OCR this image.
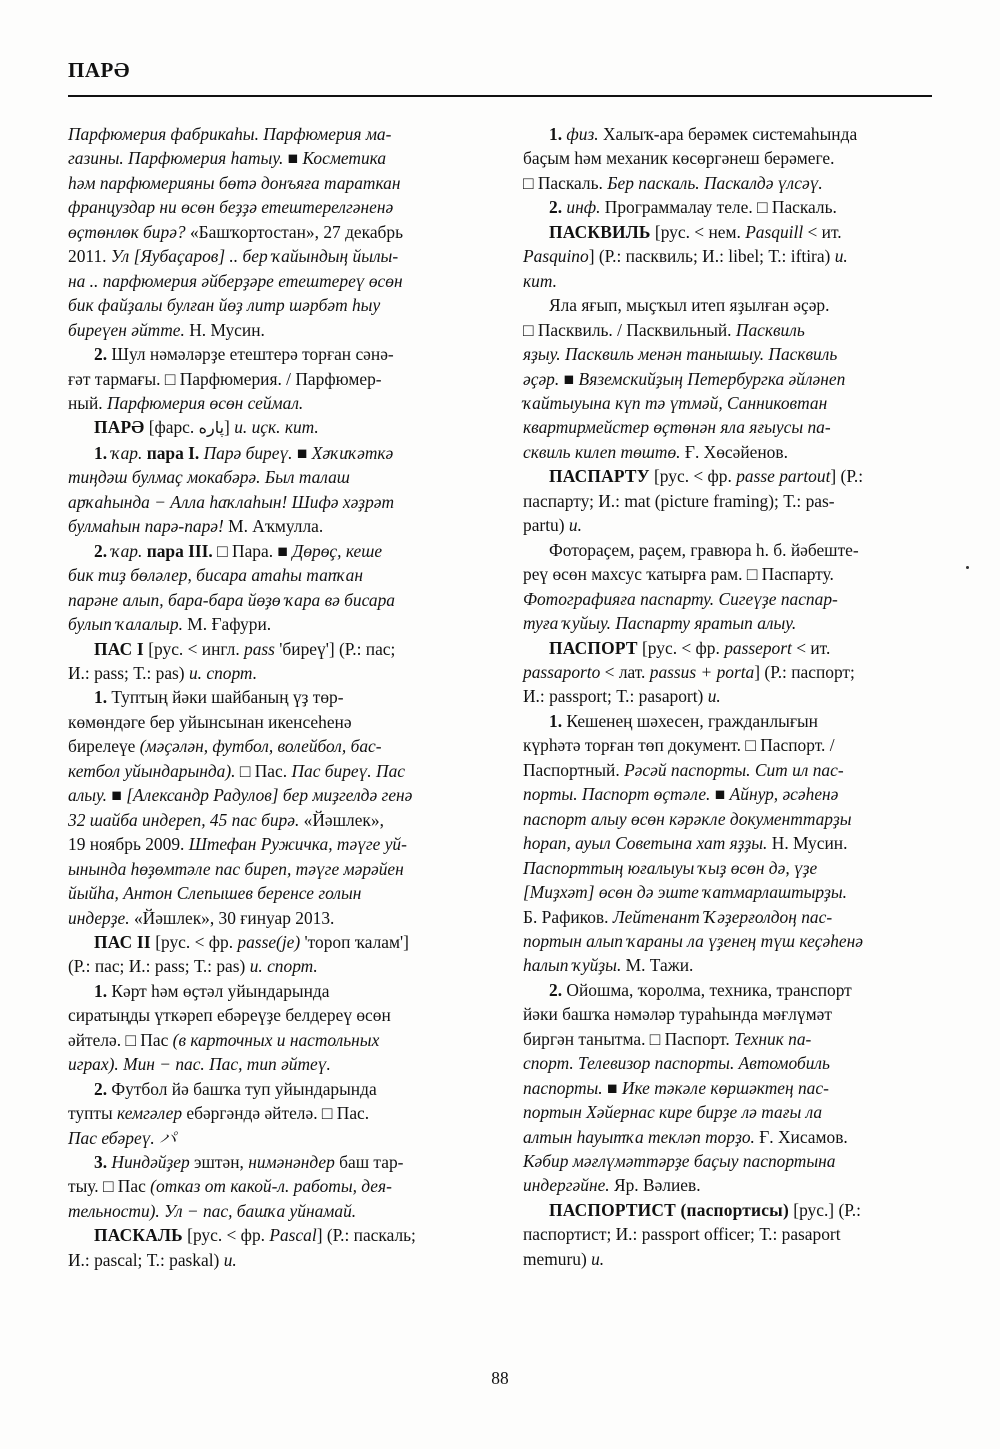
ПАРӘ

Парфюмерия фабрикаһы. Парфюмерия ма-
газины. Парфюмерия һатыу. ■ Косметика
һәм парфюмерияны бөтә донъяға тараткан
француздар ни өсөн беҙҙә етештерелгәненә
өҫтөнлөк бирә? «Башҡортостан», 27 декабрь
2011. Ул [Яубаҫаров] .. бер ҡайындың йылы-
на .. парфюмерия әйберҙәре етештереү өсөн
бик файҙалы булған йөҙ литр шәрбәт һыу
биреүен әйтте. Н. Мусин.

2. Шул нәмәләрҙе етештерә торған сәнә-
ғәт тармағы. □ Парфюмерия. / Парфюмер-
ный. Парфюмерия өсөн сеймал.

ПАРӘ [фарс. پاره] и. иҫк. кит.

1. ҡар. пара I. Парә биреү. ■ Хәҡиҡәткә
тиңдәш булмаҫ мокабәрә. Был талаш
арҡаһында − Алла һаҡлаһын! Шифә хәҙрәт
булмаһын парә-парә! М. Аҡмулла.

2. ҡар. пара III. □ Пара. ■ Дөрөҫ, кеше
бик тиҙ бөләлер, бисара атаһы тапҡан
парәне алып, бара-бара йөҙө ҡара вә бисара
булып ҡалалыр. М. Ғафури.

ПАС I [рус. < ингл. pass 'биреү'] (Р.: пас;
И.: pass; Т.: pas) и. спорт.

1. Туптың йәки шайбаның үҙ төр-
көмөндәге бер уйынсынан икенсеһенә
бирелеүе (мәҫәлән, футбол, волейбол, бас-
кетбол уйындарында). □ Пас. Пас биреү. Пас
алыу. ■ [Александр Радулов] бер миҙгелдә генә
32 шайба индереп, 45 пас бирә. «Йәшлек»,
19 ноябрь 2009. Штефан Ружичка, тәүге уй-
ынында һөҙөмтәле пас биреп, тәүге мәрәйен
йыйһа, Антон Слепышев беренсе голын
индерҙе. «Йәшлек», 30 ғинуар 2013.

ПАС II [рус. < фр. passe(je) 'тороп ҡалам']
(Р.: пас; И.: pass; Т.: pas) и. спорт.

1. Кәрт һәм өҫтәл уйындарында
сиратыңды үткәреп ебәреүҙе белдереү өсөн
әйтелә. □ Пас (в карточных и настольных
играх). Мин − пас. Пас, тип әйтеү.

2. Футбол йә башҡа туп уйындарында
тупты кемгәлер ебәргәндә әйтелә. □ Пас.
Пас ебәреү. パ

3. Ниндәйҙер эштән, нимәнәндер баш тар-
тыу. □ Пас (отказ от какой-л. работы, дея-
тельности). Ул − пас, башҡа уйнамай.

ПАСКАЛЬ [рус. < фр. Pascal] (Р.: паскаль;
И.: pascal; Т.: paskal) и.

1. физ. Халыҡ-ара берәмек системаһында
баҫым һәм механик көсөргәнеш берәмеге.
□ Паскаль. Бер паскаль. Паскалдә үлсәү.

2. инф. Программалау теле. □ Паскаль.

ПАСКВИЛЬ [рус. < нем. Pasquill < ит.
Pasquino] (Р.: пасквиль; И.: libel; Т.: iftira) и.
кит.

Яла яғып, мыҫҡыл итеп яҙылған әҫәр.
□ Пасквиль. / Пасквильный. Пасквиль
яҙыу. Пасквиль менән танышыу. Пасквиль
әҫәр. ■ Вяземскийҙың Петербургка әйләнеп
ҡайтыуына күп тә үтмәй, Санниковтан
квартирмейстер өҫтөнән яла яғыусы па-
сквиль килеп төштө. Ғ. Хөсәйенов.

ПАСПАРТУ [рус. < фр. passe partout] (Р.:
паспарту; И.: mat (picture framing); Т.: pas-
partu) и.

Фотораҫем, раҫем, гравюра һ. б. йәбеште-
реү өсөн махсус ҡатырға рам. □ Паспарту.
Фотографияға паспарту. Сигеүҙе паспар-
туға ҡуйыу. Паспарту яратып алыу.

ПАСПОРТ [рус. < фр. passeport < ит.
passaporto < лат. passus + porta] (Р.: паспорт;
И.: passport; Т.: pasaport) и.

1. Кешенең шәхесен, гражданлығын
күрһәтә торған төп документ. □ Паспорт. /
Паспортный. Рәсәй паспорты. Сит ил пас-
порты. Паспорт өҫтәле. ■ Айнур, әсәһенә
паспорт алыу өсөн кәрәкле документтарҙы
һорап, ауыл Советына хат яҙҙы. Н. Мусин.
Паспорттың юғалыуы ҡыҙ өсөн дә, үҙе
[Миҙхәт] өсөн дә эште ҡатмарлаштырҙы.
Б. Рафиков. Лейтенант Ҡәҙерғолдоң пас-
портын алып ҡараны ла үҙенең түш кеҫәһенә
һалып ҡуйҙы. М. Тажи.

2. Ойошма, ҡоролма, техника, транспорт
йәки башҡа нәмәләр тураһында мәғлүмәт
биргән танытма. □ Паспорт. Техник па-
спорт. Телевизор паспорты. Автомобиль
паспорты. ■ Ике тәкәле көршәктең пас-
портын Хәйернас кире бирҙе лә тағы ла
алтын һауытҡа текләп торҙо. Ғ. Хисамов.
Кәбир мәғлүмәттәрҙе баҫыу паспортына
индергәйне. Яр. Вәлиев.

ПАСПОРТИСТ (паспортисы) [рус.] (Р.:
паспортист; И.: passport officer; Т.: pasaport
memuru) и.

88
